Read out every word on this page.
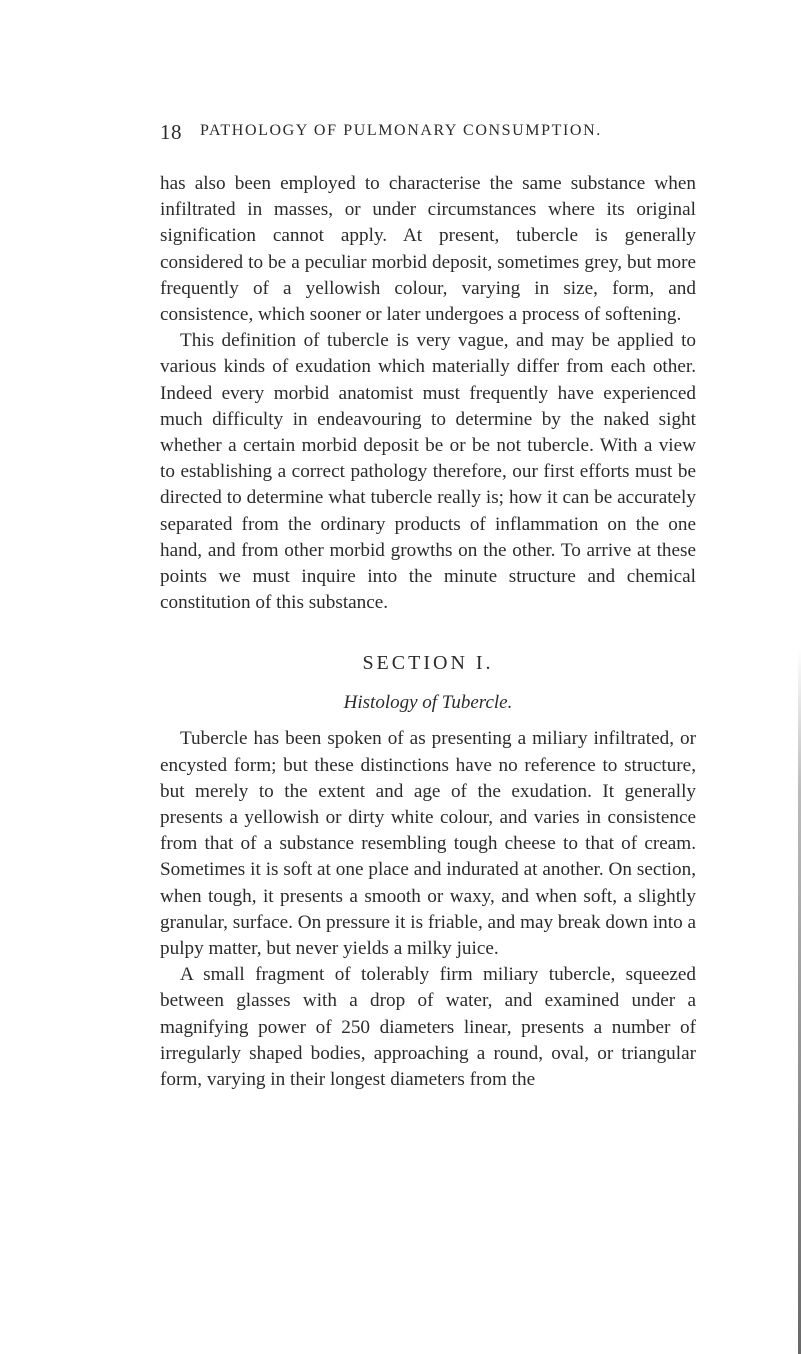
18 PATHOLOGY OF PULMONARY CONSUMPTION.

has also been employed to characterise the same substance when infiltrated in masses, or under circumstances where its original signification cannot apply. At present, tubercle is generally considered to be a peculiar morbid deposit, sometimes grey, but more frequently of a yellowish colour, varying in size, form, and consistence, which sooner or later undergoes a process of softening.

This definition of tubercle is very vague, and may be applied to various kinds of exudation which materially differ from each other. Indeed every morbid anatomist must frequently have experienced much difficulty in endeavouring to determine by the naked sight whether a certain morbid deposit be or be not tubercle. With a view to establishing a correct pathology therefore, our first efforts must be directed to determine what tubercle really is; how it can be accurately separated from the ordinary products of inflammation on the one hand, and from other morbid growths on the other. To arrive at these points we must inquire into the minute structure and chemical constitution of this substance.

SECTION I.
Histology of Tubercle.

Tubercle has been spoken of as presenting a miliary infiltrated, or encysted form; but these distinctions have no reference to structure, but merely to the extent and age of the exudation. It generally presents a yellowish or dirty white colour, and varies in consistence from that of a substance resembling tough cheese to that of cream. Sometimes it is soft at one place and indurated at another. On section, when tough, it presents a smooth or waxy, and when soft, a slightly granular, surface. On pressure it is friable, and may break down into a pulpy matter, but never yields a milky juice.

A small fragment of tolerably firm miliary tubercle, squeezed between glasses with a drop of water, and examined under a magnifying power of 250 diameters linear, presents a number of irregularly shaped bodies, approaching a round, oval, or triangular form, varying in their longest diameters from the
